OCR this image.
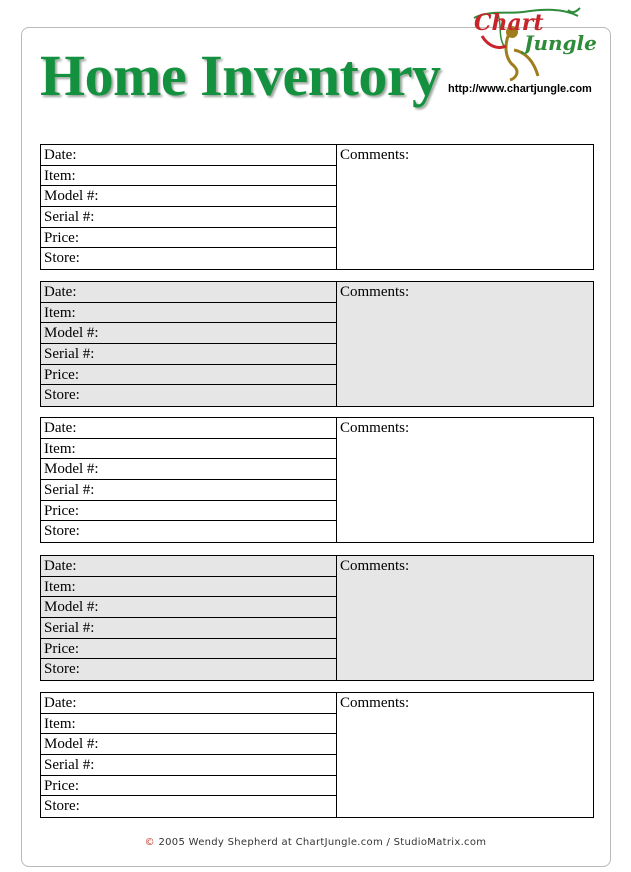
Home Inventory
Chart
Jungle
http://www.chartjungle.com
Date:
Item:
Model #:
Serial #:
Price:
Store:
Comments:
Date:
Item:
Model #:
Serial #:
Price:
Store:
Comments:
Date:
Item:
Model #:
Serial #:
Price:
Store:
Comments:
Date:
Item:
Model #:
Serial #:
Price:
Store:
Comments:
Date:
Item:
Model #:
Serial #:
Price:
Store:
Comments:
© 2005 Wendy Shepherd at ChartJungle.com / StudioMatrix.com
